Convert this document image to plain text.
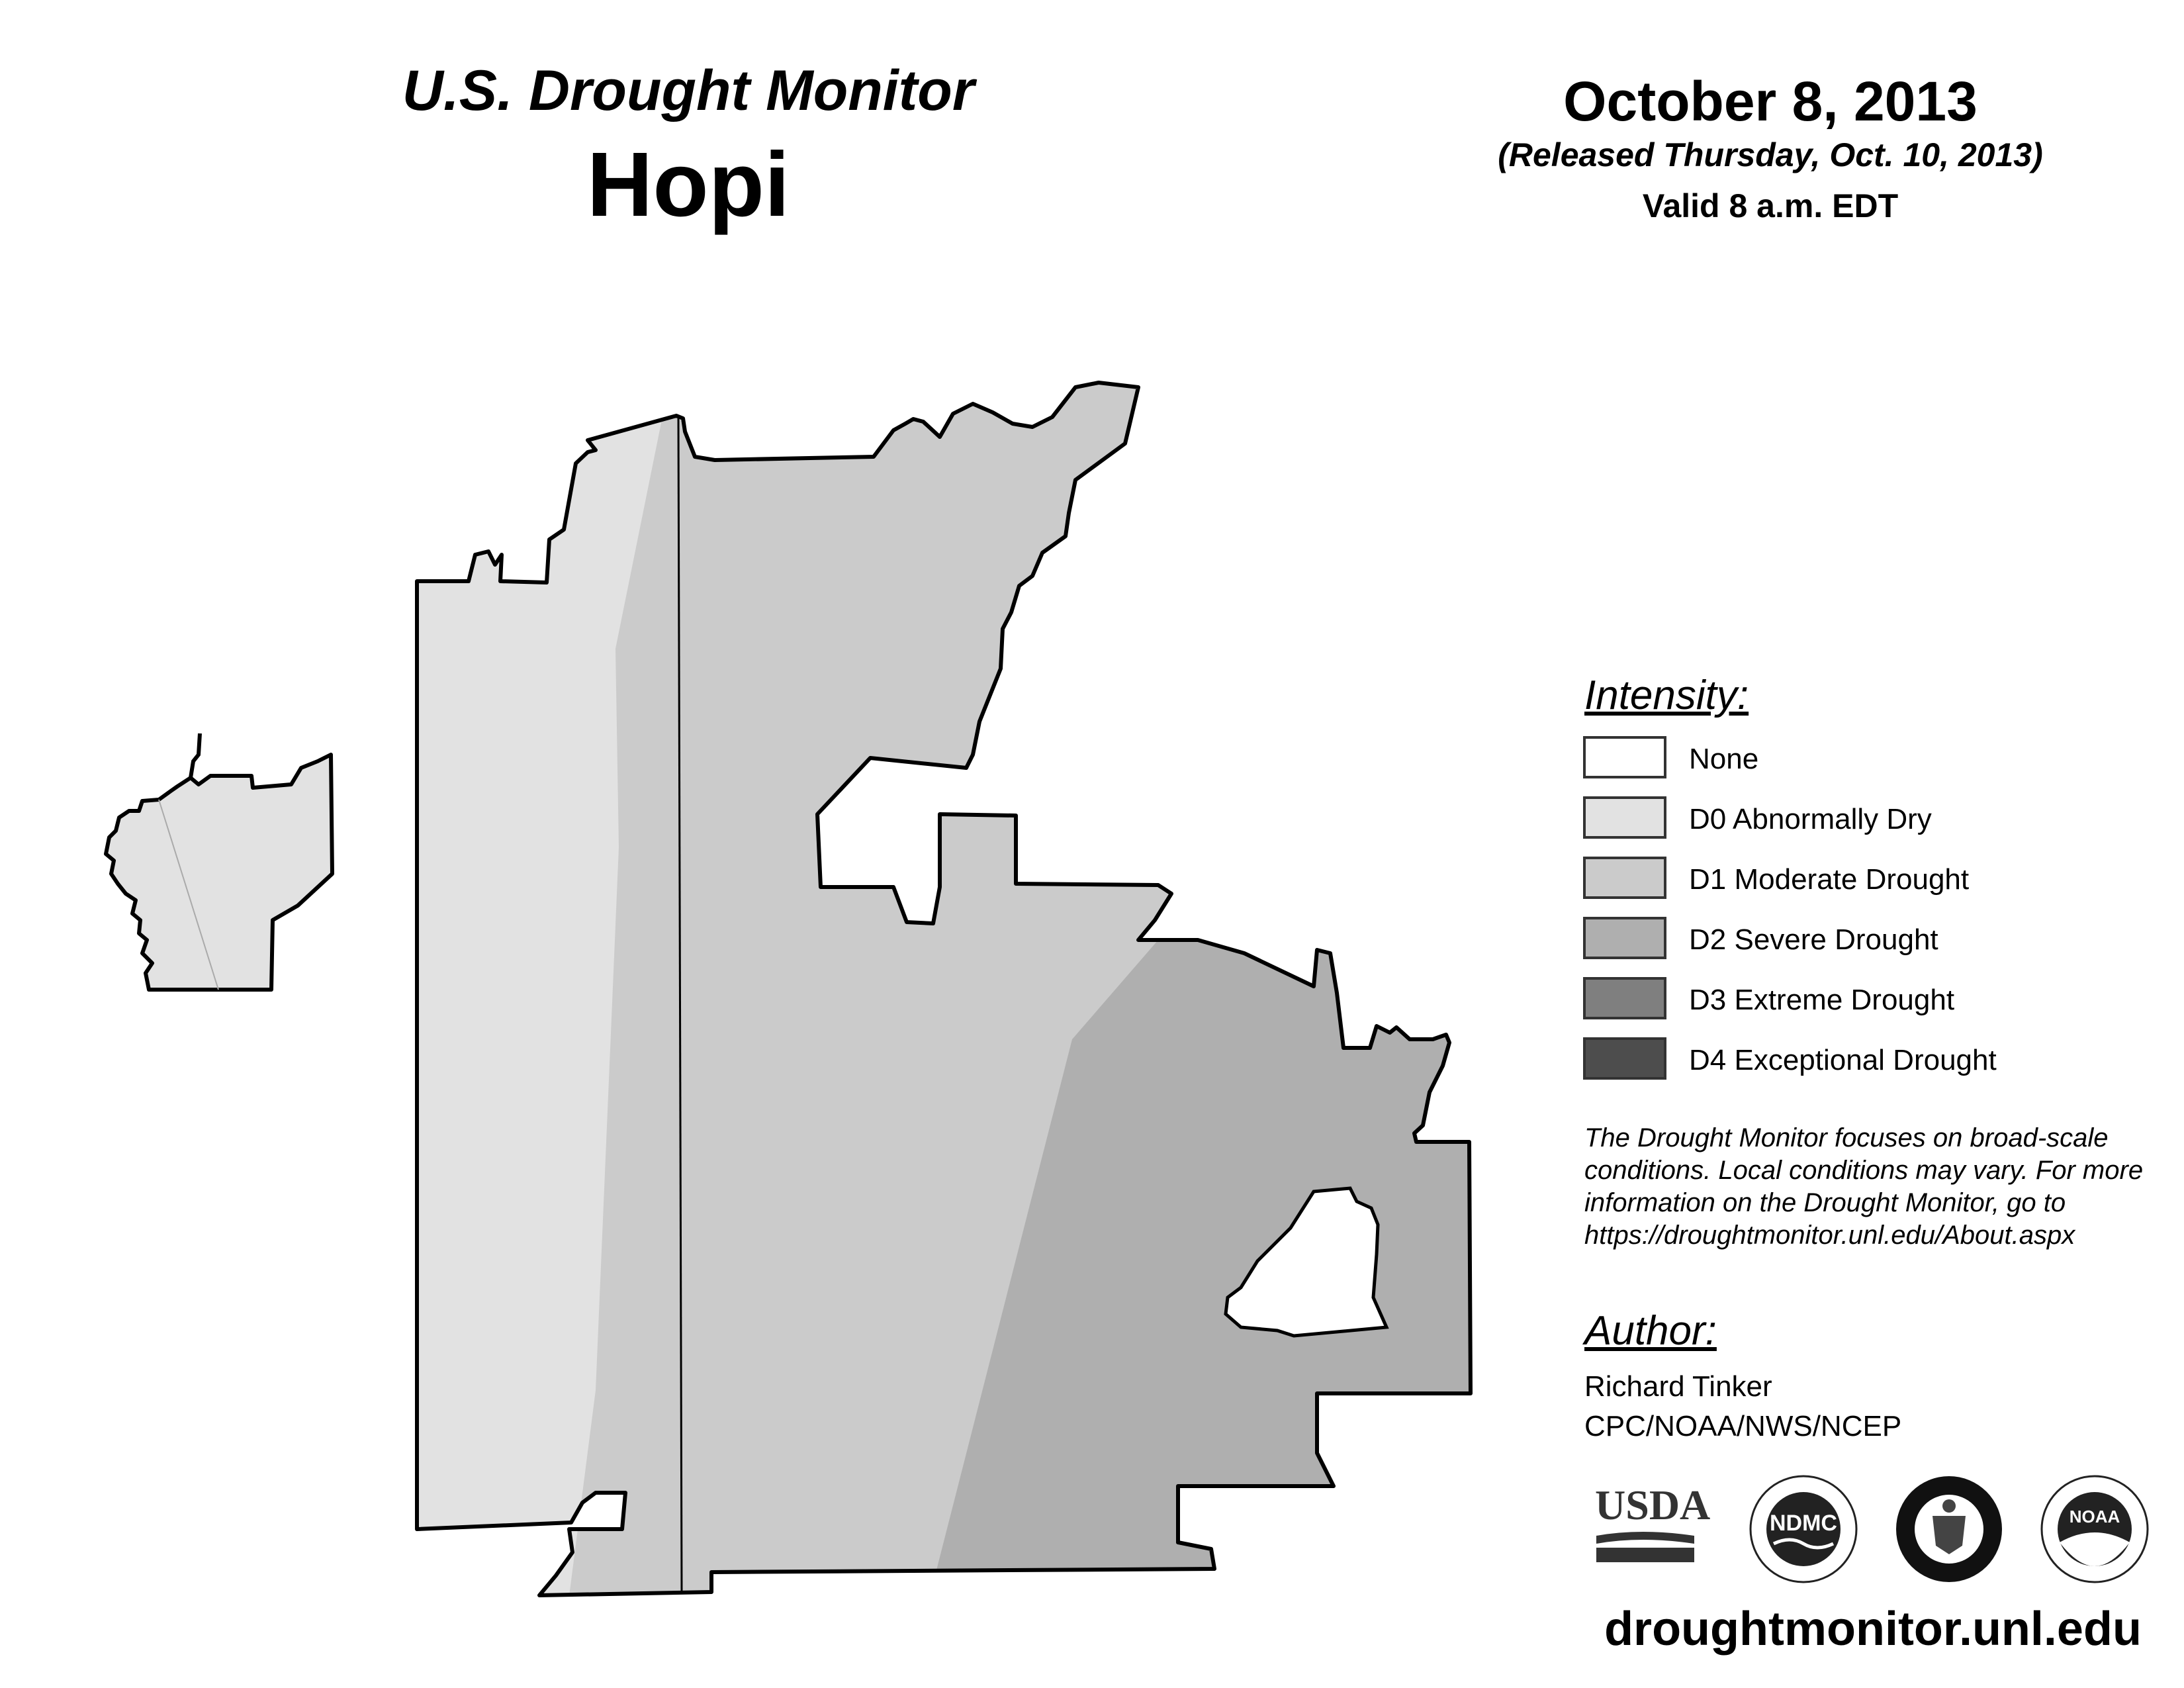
U.S. Drought Monitor
Hopi
October 8, 2013
(Released Thursday, Oct. 10, 2013)
Valid 8 a.m. EDT
Intensity:
None
D0 Abnormally Dry
D1 Moderate Drought
D2 Severe Drought
D3 Extreme Drought
D4 Exceptional Drought
The Drought Monitor focuses on broad-scale
conditions. Local conditions may vary. For more
information on the Drought Monitor, go to
https://droughtmonitor.unl.edu/About.aspx
Author:
Richard Tinker
CPC/NOAA/NWS/NCEP
USDA	NDMC	NOAA
droughtmonitor.unl.edu
